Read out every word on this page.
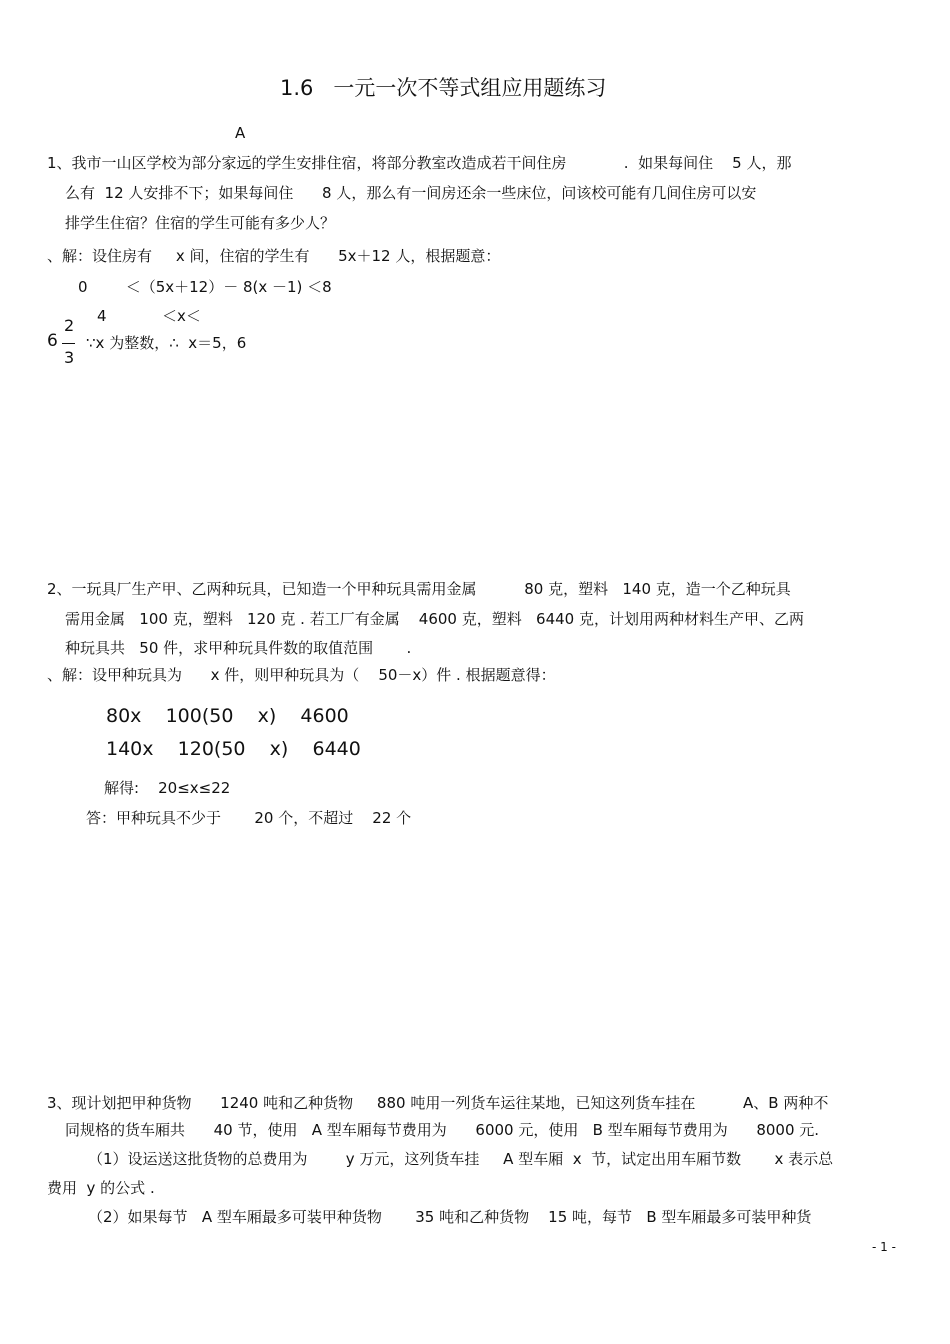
1.6   一元一次不等式组应用题练习
A
1、我市一山区学校为部分家远的学生安排住宿，将部分教室改造成若干间住房            .  如果每间住    5 人，那
么有  12 人安排不下；如果每间住      8 人，那么有一间房还余一些床位，问该校可能有几间住房可以安
排学生住宿？住宿的学生可能有多少人？
、解：设住房有     x 间，住宿的学生有      5x＋12 人，根据题意：
0        ＜（5x＋12）－ 8(x －1) ＜8
4	＜x＜
6
2
3
∵x 为整数，∴  x＝5，6
2、一玩具厂生产甲、乙两种玩具，已知造一个甲种玩具需用金属          80 克，塑料   140 克，造一个乙种玩具
需用金属   100 克，塑料   120 克 . 若工厂有金属    4600 克，塑料   6440 克，计划用两种材料生产甲、乙两
种玩具共   50 件，求甲种玩具件数的取值范围       .
、解：设甲种玩具为      x 件，则甲种玩具为（    50－x）件 . 根据题意得：
80x    100(50    x)    4600
140x    120(50    x)    6440
解得:    20≤x≤22
答：甲种玩具不少于       20 个，不超过    22 个
3、现计划把甲种货物      1240 吨和乙种货物     880 吨用一列货车运往某地，已知这列货车挂在          A、B 两种不
同规格的货车厢共      40 节，使用   A 型车厢每节费用为      6000 元，使用   B 型车厢每节费用为      8000 元.
（1）设运送这批货物的总费用为        y 万元，这列货车挂     A 型车厢  x  节，试定出用车厢节数       x 表示总
费用  y 的公式 .
（2）如果每节   A 型车厢最多可装甲种货物       35 吨和乙种货物    15 吨，每节   B 型车厢最多可装甲种货
- 1 -
